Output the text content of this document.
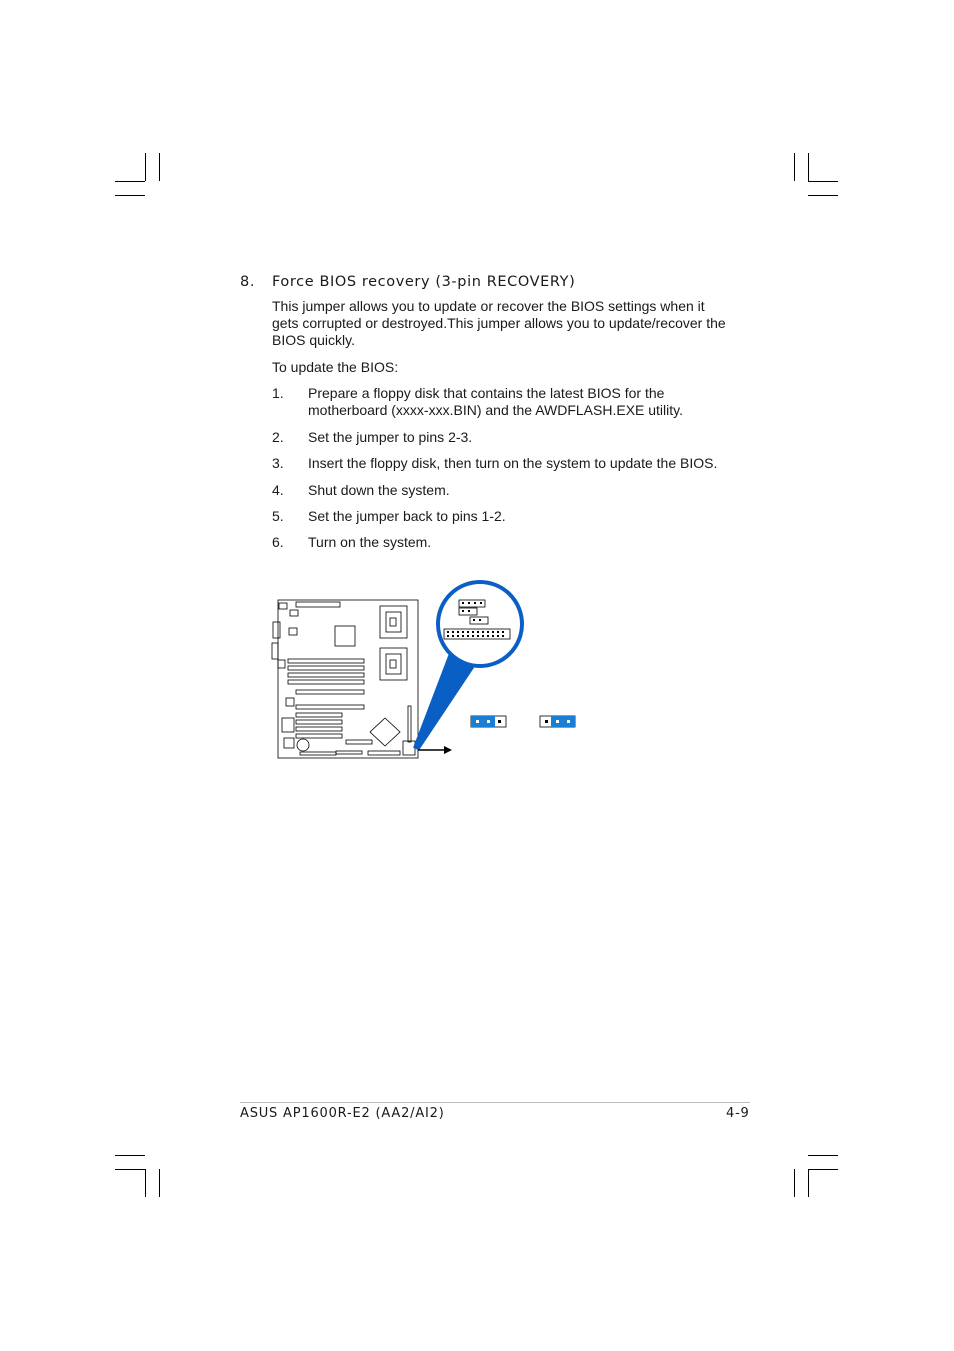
8. Force BIOS recovery (3-pin RECOVERY)

This jumper allows you to update or recover the BIOS settings when it gets corrupted or destroyed.This jumper allows you to update/recover the BIOS quickly.

To update the BIOS:

1. Prepare a floppy disk that contains the latest BIOS for the motherboard (xxxx-xxx.BIN) and the AWDFLASH.EXE utility.
2. Set the jumper to pins 2-3.
3. Insert the floppy disk, then turn on the system to update the BIOS.
4. Shut down the system.
5. Set the jumper back to pins 1-2.
6. Turn on the system.
ASUS AP1600R-E2 (AA2/AI2)	4-9
